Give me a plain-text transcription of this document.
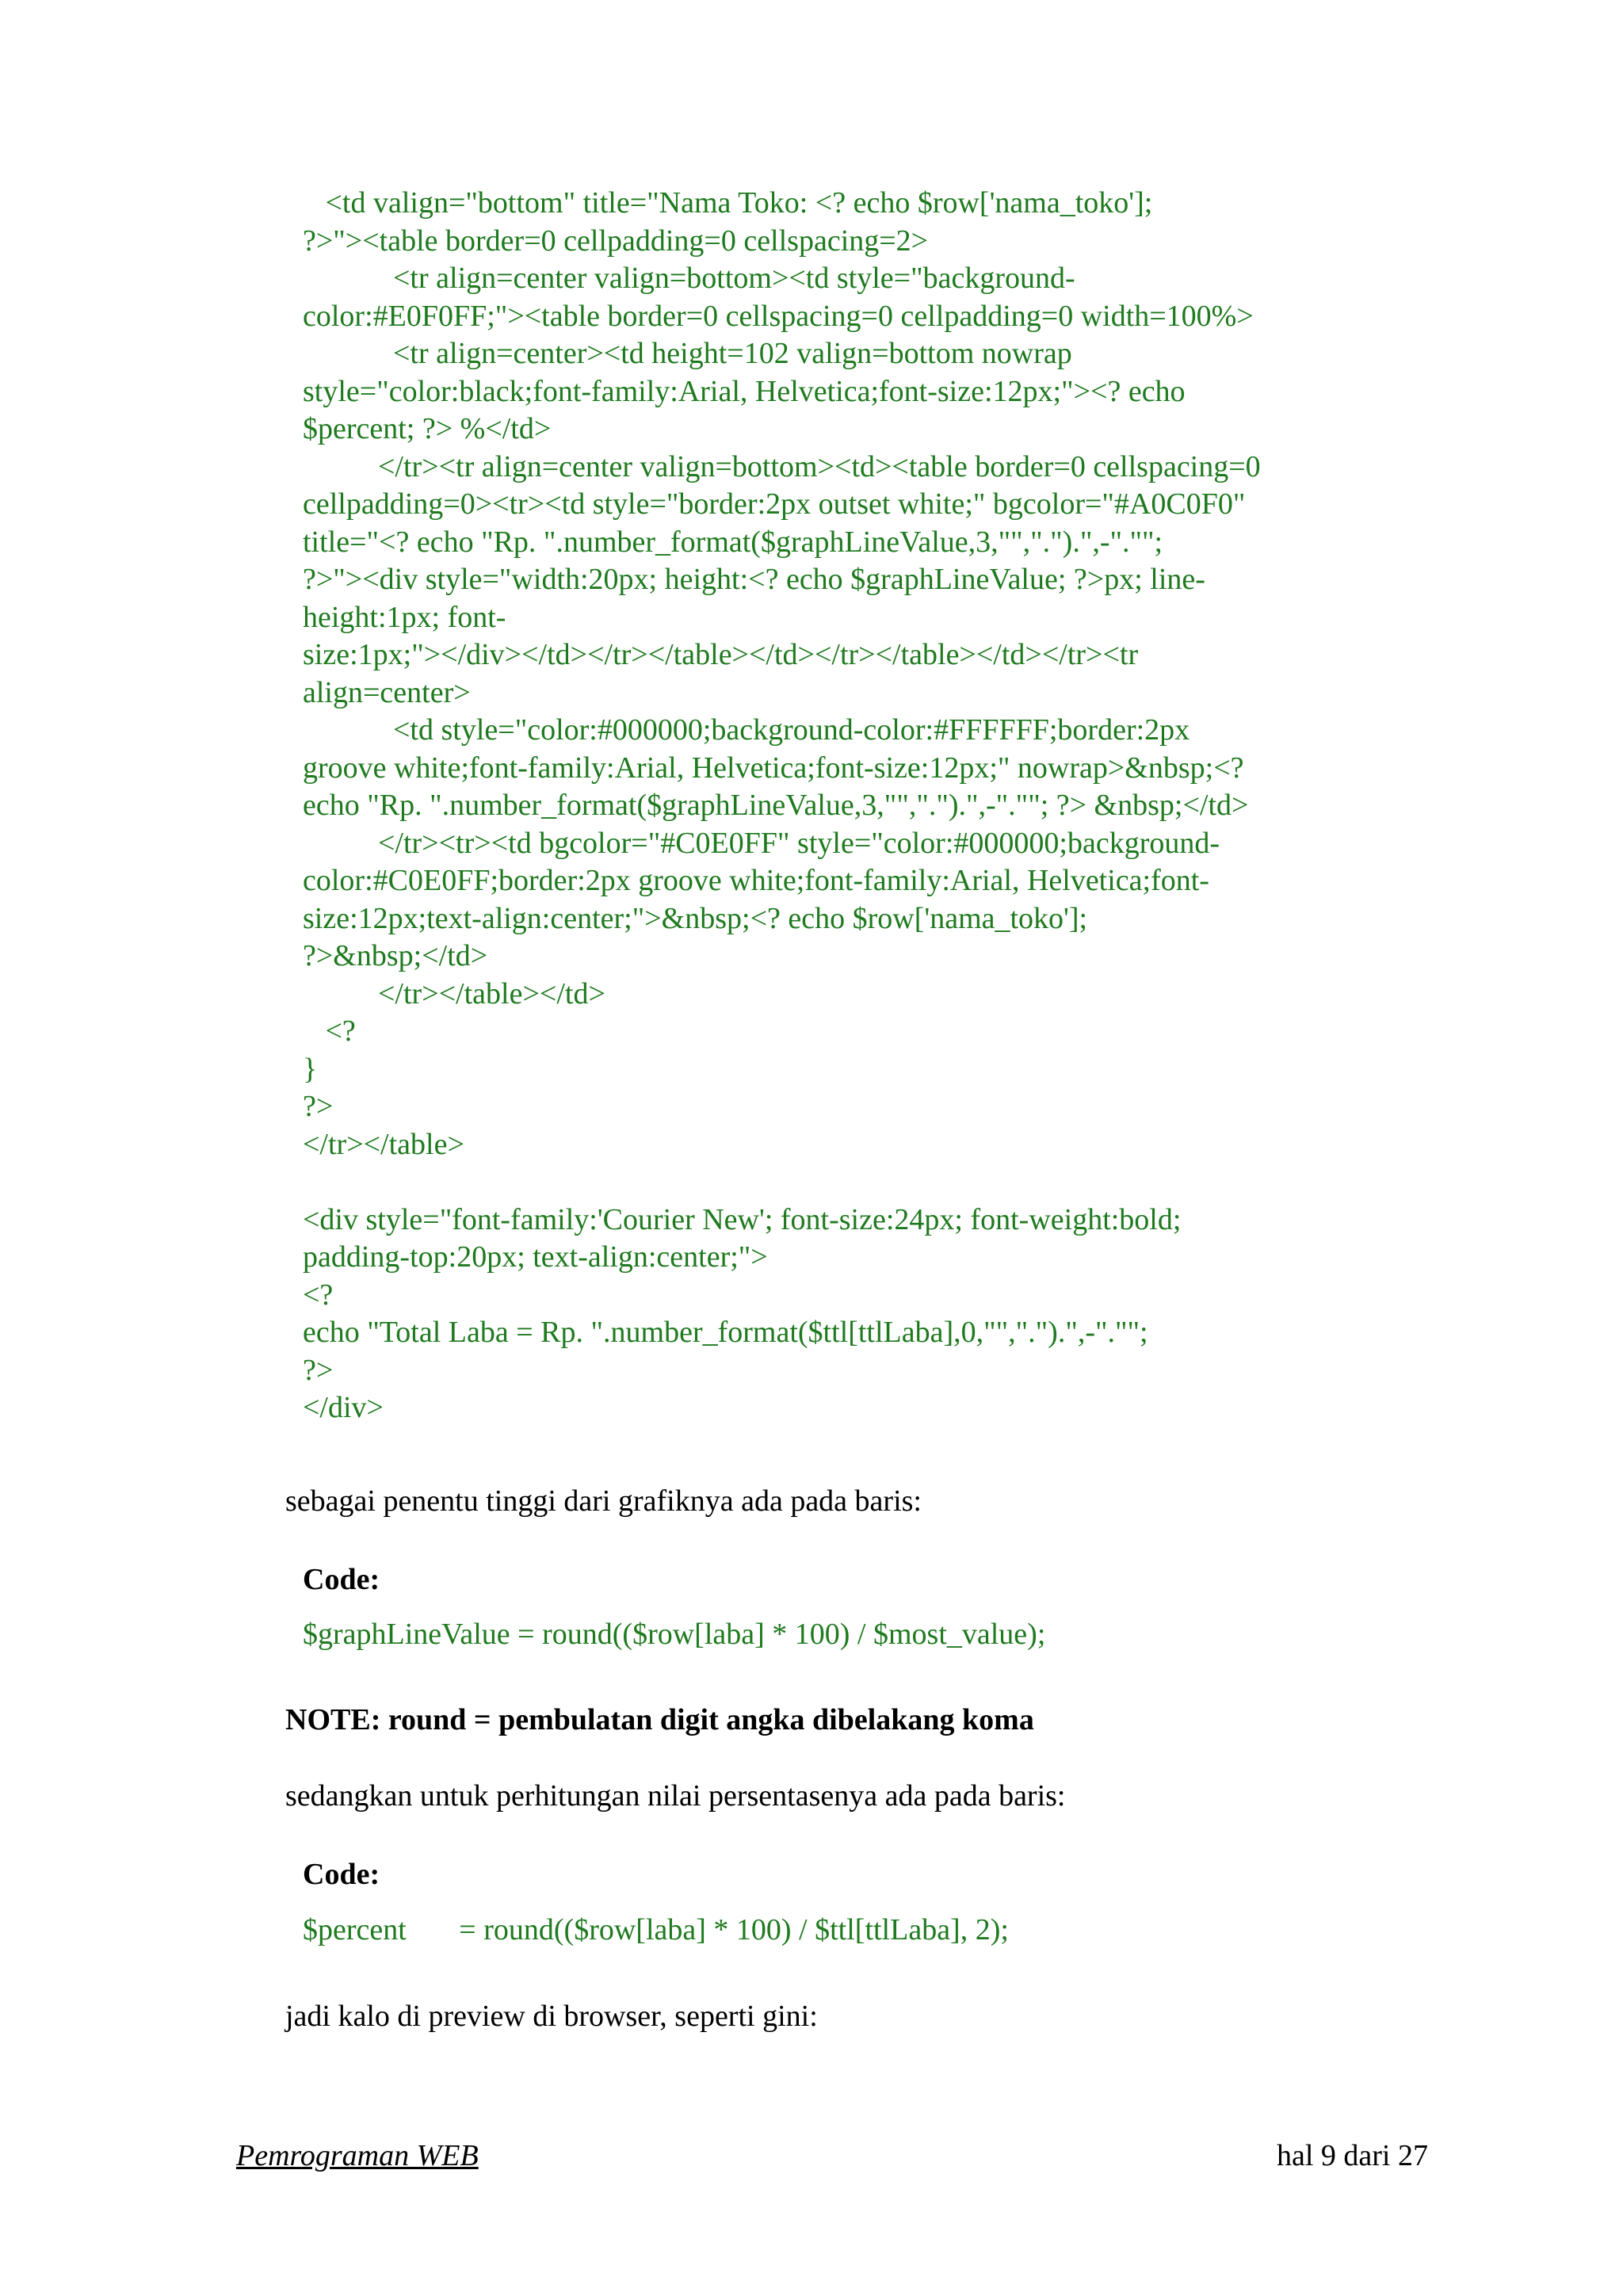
<td valign="bottom" title="Nama Toko: <? echo $row['nama_toko'];
?>"><table border=0 cellpadding=0 cellspacing=2>
<tr align=center valign=bottom><td style="background-
color:#E0F0FF;"><table border=0 cellspacing=0 cellpadding=0 width=100%>
<tr align=center><td height=102 valign=bottom nowrap
style="color:black;font-family:Arial, Helvetica;font-size:12px;"><? echo
$percent; ?> %</td>
</tr><tr align=center valign=bottom><td><table border=0 cellspacing=0
cellpadding=0><tr><td style="border:2px outset white;" bgcolor="#A0C0F0"
title="<? echo "Rp. ".number_format($graphLineValue,3,"",".").",-"."";
?>"><div style="width:20px; height:<? echo $graphLineValue; ?>px; line-
height:1px; font-
size:1px;"></div></td></tr></table></td></tr></table></td></tr><tr
align=center>
<td style="color:#000000;background-color:#FFFFFF;border:2px
groove white;font-family:Arial, Helvetica;font-size:12px;" nowrap>&nbsp;<?
echo "Rp. ".number_format($graphLineValue,3,"",".").",-".""; ?> &nbsp;</td>
</tr><tr><td bgcolor="#C0E0FF" style="color:#000000;background-
color:#C0E0FF;border:2px groove white;font-family:Arial, Helvetica;font-
size:12px;text-align:center;">&nbsp;<? echo $row['nama_toko'];
?>&nbsp;</td>
</tr></table></td>
<?
}
?>
</tr></table>
<div style="font-family:'Courier New'; font-size:24px; font-weight:bold;
padding-top:20px; text-align:center;">
<?
echo "Total Laba = Rp. ".number_format($ttl[ttlLaba],0,"",".").",-"."";
?>
</div>
sebagai penentu tinggi dari grafiknya ada pada baris:
Code:
$graphLineValue = round(($row[laba] * 100) / $most_value);
NOTE: round = pembulatan digit angka dibelakang koma
sedangkan untuk perhitungan nilai persentasenya ada pada baris:
Code:
$percent       = round(($row[laba] * 100) / $ttl[ttlLaba], 2);
jadi kalo di preview di browser, seperti gini:
Pemrograman WEB	hal 9 dari 27
